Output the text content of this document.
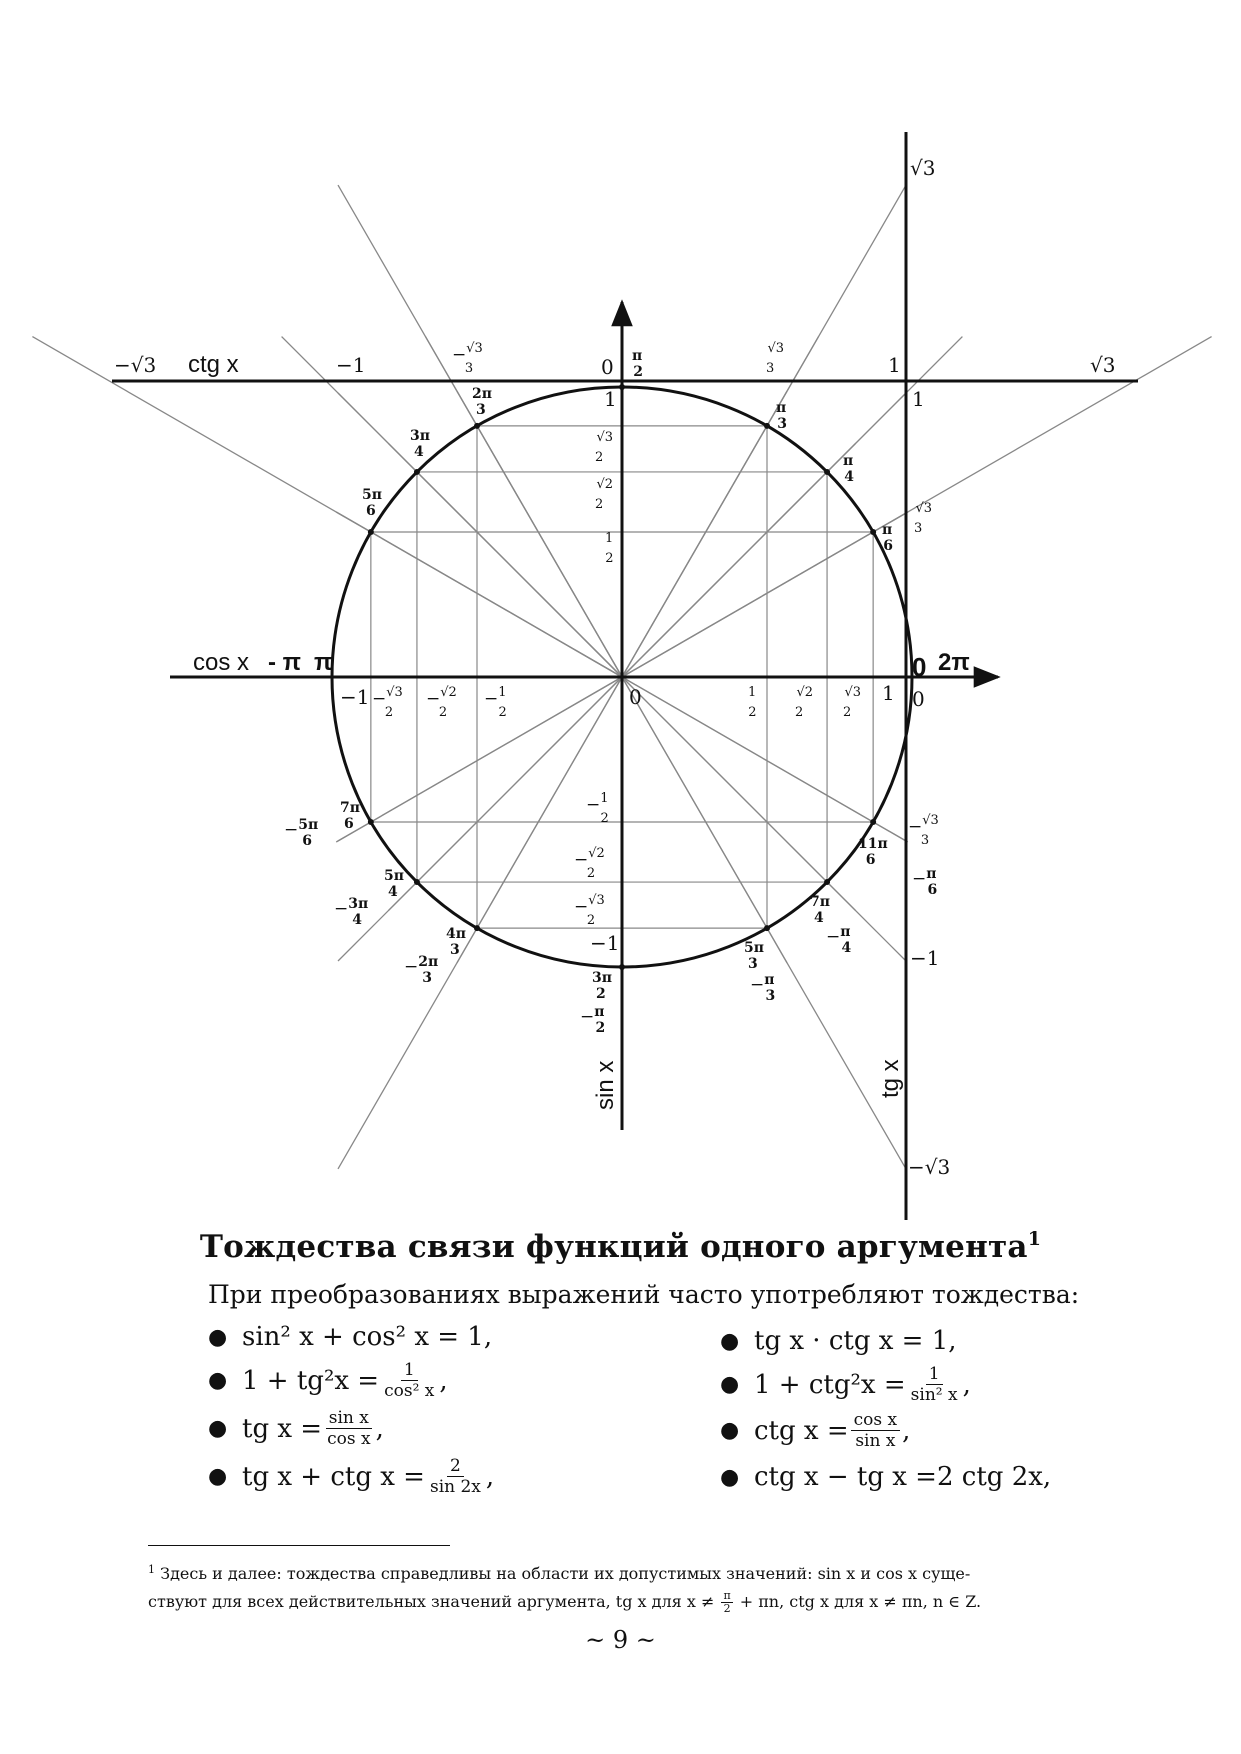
cos x
ctg x
sin x	tg x
- π π	0 2π
−1 −$^{√3}$ 2
−$^{√2}$ 2
−$^1$ 2
0	1 2
√2 2
√3 2
1 0
0
1
√3 2
√2 2
1 2
−$^1$ 2
−$^{√2}$ 2
−$^{√3}$ 2
−1
√3
1
√3 3
−$^{√3}$ 3
−1
−√3
−√3	−1	−$^{√3}$ 3
√3 3	1	√3
π 2
π 3
π 4
π 6
2π 3
3π 4
5π 6
7π 6
5π 4
4π 3
3π 2
5π 3
7π 4
11π 6
−$^{5\pi}$ 6
−$^{3\pi}$ 4
−$^{2\pi}$ 3
−$^\pi$ 2
−$^\pi$ 3
−$^\pi$ 4
−$^\pi$ 6
Тождества связи функций одного аргумента$^1$
При преобразованиях выражений часто употребляют тождества:
● sin² x + cos² x = 1,
● $1 + tg^2x = \frac{1}{\text{cos² x}}$ ,
● tg $x = \frac{\text{sin x}}{\text{cos x}}$ ,
● tg x + ctg $x = \frac{2}{\sin 2x}$ ,
● tg x · ctg x = 1,
● $1 + ctg^2x = \frac{1}{\text{sin² x}}$ ,
● ctg $x = \frac{\text{cos x}}{\text{sin x}}$ ,
● ctg x − tg x =2 ctg 2x,
$^1$ Здесь и далее: тождества справедливы на области их допустимых значений: sin x и cos x суще-
ствуют для всех действительных значений аргумента, tg x для $x \ne \frac{\pi}{2} + \pi n$, ctg x для x ≠ πn, n ∈ Z.
~ 9 ~
